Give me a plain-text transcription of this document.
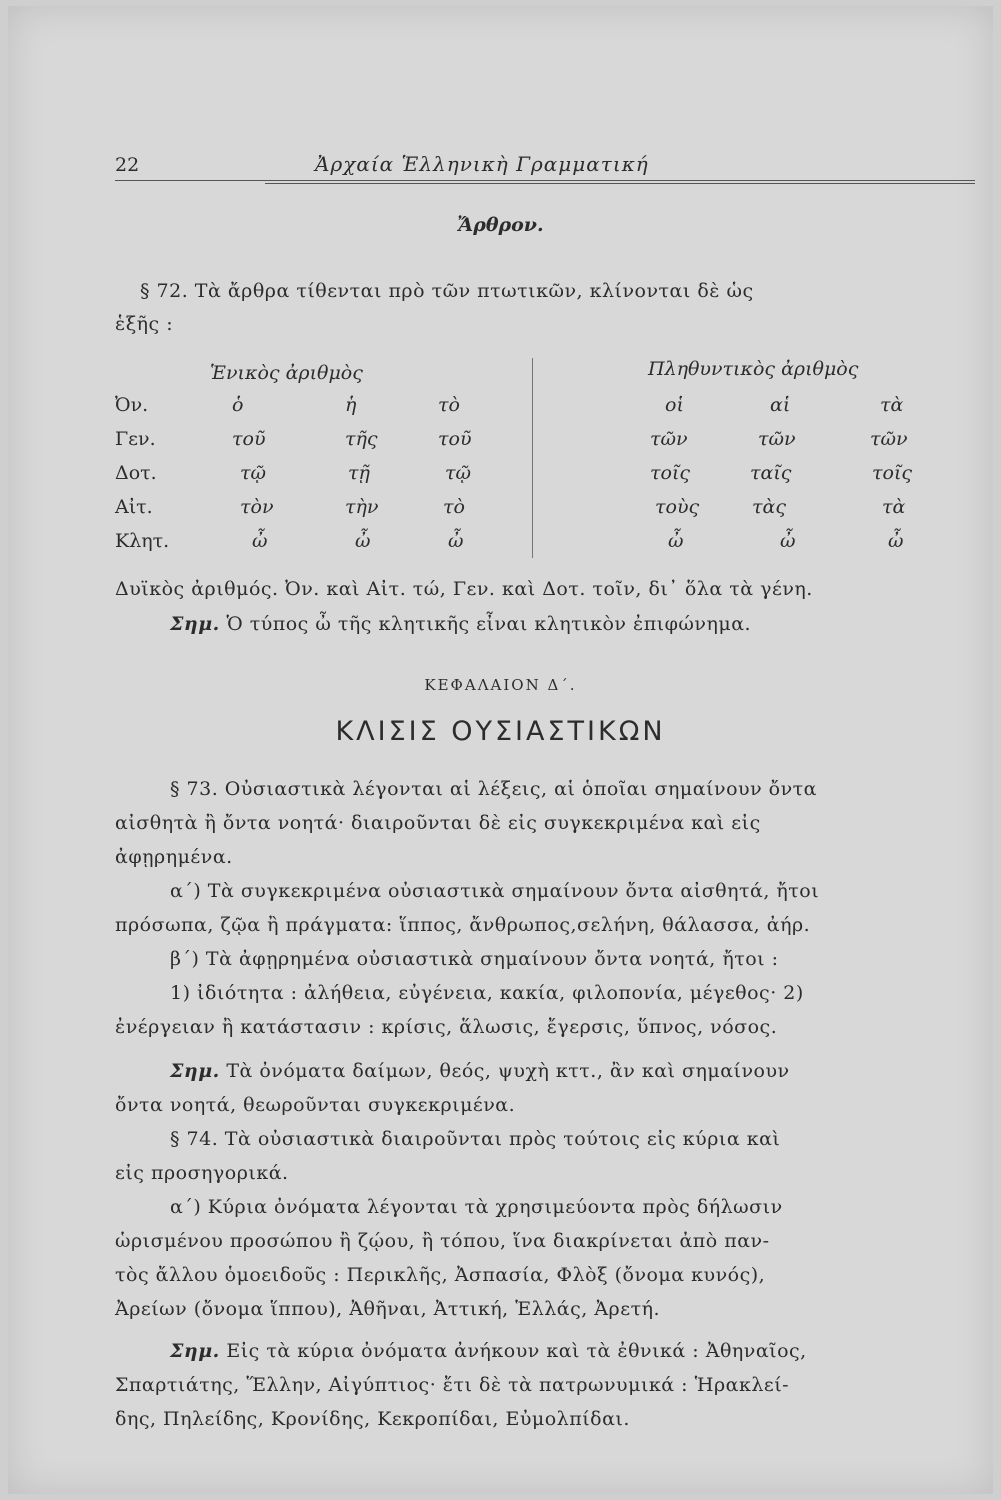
22	Ἀρχαία Ἑλληνικὴ Γραμματική
Ἄρθρον.
§ 72. Τὰ ἄρθρα τίθενται πρὸ τῶν πτωτικῶν, κλίνονται δὲ ὡς
ἑξῆς :
Ἑνικὸς ἀριθμὸς	Πληθυντικὸς ἀριθμὸς
Ὀν.	ὁ	ἡ	τὸ	οἱ	αἱ	τὰ
Γεν.	τοῦ	τῆς	τοῦ	τῶν	τῶν	τῶν
Δοτ.	τῷ	τῇ	τῷ	τοῖς	ταῖς	τοῖς
Αἰτ.	τὸν	τὴν	τὸ	τοὺς	τὰς	τὰ
Κλητ.	ὦ	ὦ	ὦ	ὦ	ὦ	ὦ
Δυϊκὸς ἀριθμός. Ὀν. καὶ Αἰτ. τώ, Γεν. καὶ Δοτ. τοῖν, δι᾿ ὅλα τὰ γένη.
Σημ. Ὁ τύπος ὦ τῆς κλητικῆς εἶναι κλητικὸν ἐπιφώνημα.
ΚΕΦΑΛΑΙΟΝ Δ΄.
ΚΛΙΣΙΣ ΟΥΣΙΑΣΤΙΚΩΝ
§ 73. Οὐσιαστικὰ λέγονται αἱ λέξεις, αἱ ὁποῖαι σημαίνουν ὄντα
αἰσθητὰ ἢ ὄντα νοητά· διαιροῦνται δὲ εἰς συγκεκριμένα καὶ εἰς
ἀφῃρημένα.
α΄) Τὰ συγκεκριμένα οὐσιαστικὰ σημαίνουν ὄντα αἰσθητά, ἤτοι
πρόσωπα, ζῷα ἢ πράγματα: ἵππος, ἄνθρωπος,σελήνη, θάλασσα, ἀήρ.
β΄) Τὰ ἀφῃρημένα οὐσιαστικὰ σημαίνουν ὄντα νοητά, ἤτοι :
1) ἰδιότητα : ἀλήθεια, εὐγένεια, κακία, φιλοπονία, μέγεθος· 2)
ἐνέργειαν ἢ κατάστασιν : κρίσις, ἅλωσις, ἔγερσις, ὕπνος, νόσος.
Σημ. Τὰ ὀνόματα δαίμων, θεός, ψυχὴ κττ., ἂν καὶ σημαίνουν
ὄντα νοητά, θεωροῦνται συγκεκριμένα.
§ 74. Τὰ οὐσιαστικὰ διαιροῦνται πρὸς τούτοις εἰς κύρια καὶ
εἰς προσηγορικά.
α΄) Κύρια ὀνόματα λέγονται τὰ χρησιμεύοντα πρὸς δήλωσιν
ὡρισμένου προσώπου ἢ ζῴου, ἢ τόπου, ἵνα διακρίνεται ἀπὸ παν-
τὸς ἄλλου ὁμοειδοῦς : Περικλῆς, Ἀσπασία, Φλὸξ (ὄνομα κυνός),
Ἀρείων (ὄνομα ἵππου), Ἀθῆναι, Ἀττική, Ἑλλάς, Ἀρετή.
Σημ. Εἰς τὰ κύρια ὀνόματα ἀνήκουν καὶ τὰ ἐθνικά : Ἀθηναῖος,
Σπαρτιάτης, Ἕλλην, Αἰγύπτιος· ἔτι δὲ τὰ πατρωνυμικά : Ἡρακλεί-
δης, Πηλείδης, Κρονίδης, Κεκροπίδαι, Εὐμολπίδαι.
